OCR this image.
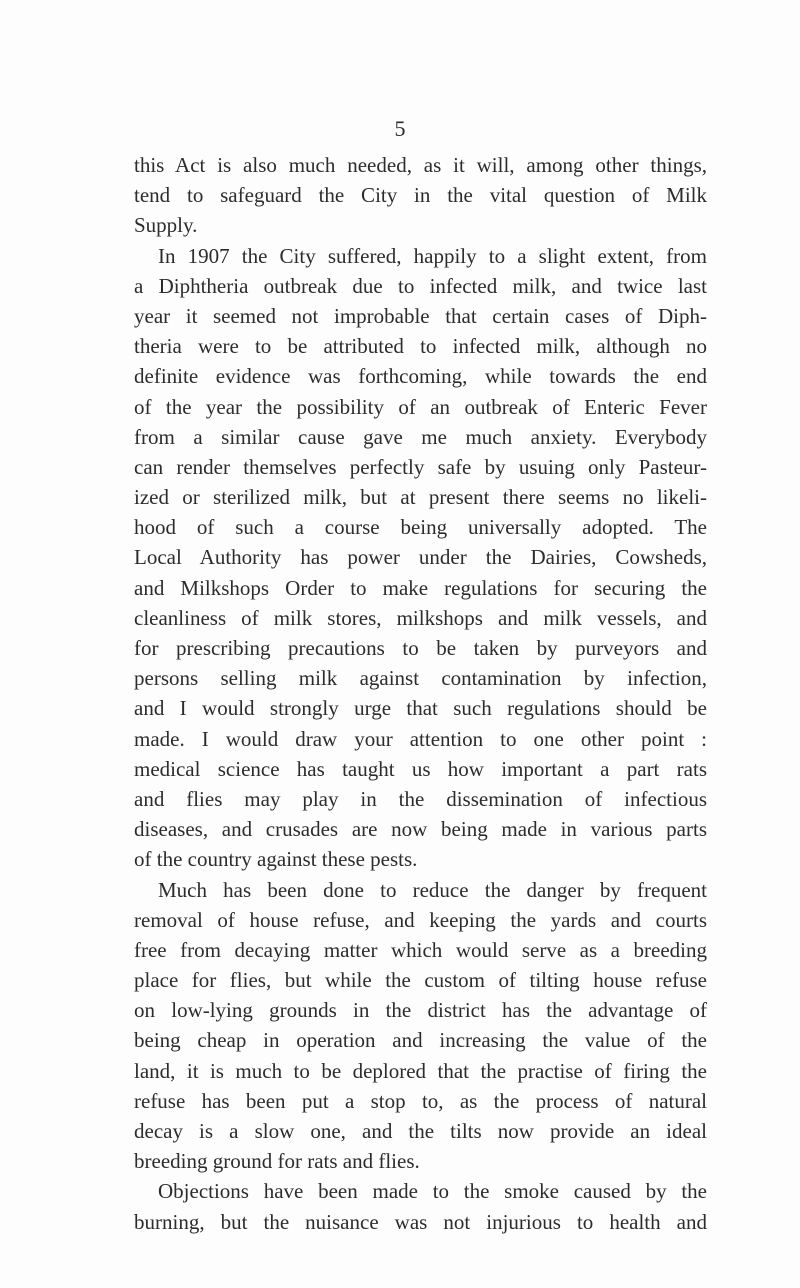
5
this Act is also much needed, as it will, among other things,
tend to safeguard the City in the vital question of Milk
Supply.
In 1907 the City suffered, happily to a slight extent, from
a Diphtheria outbreak due to infected milk, and twice last
year it seemed not improbable that certain cases of Diph-
theria were to be attributed to infected milk, although no
definite evidence was forthcoming, while towards the end
of the year the possibility of an outbreak of Enteric Fever
from a similar cause gave me much anxiety. Everybody
can render themselves perfectly safe by usuing only Pasteur-
ized or sterilized milk, but at present there seems no likeli-
hood of such a course being universally adopted. The
Local Authority has power under the Dairies, Cowsheds,
and Milkshops Order to make regulations for securing the
cleanliness of milk stores, milkshops and milk vessels, and
for prescribing precautions to be taken by purveyors and
persons selling milk against contamination by infection,
and I would strongly urge that such regulations should be
made. I would draw your attention to one other point :
medical science has taught us how important a part rats
and flies may play in the dissemination of infectious
diseases, and crusades are now being made in various parts
of the country against these pests.
Much has been done to reduce the danger by frequent
removal of house refuse, and keeping the yards and courts
free from decaying matter which would serve as a breeding
place for flies, but while the custom of tilting house refuse
on low-lying grounds in the district has the advantage of
being cheap in operation and increasing the value of the
land, it is much to be deplored that the practise of firing the
refuse has been put a stop to, as the process of natural
decay is a slow one, and the tilts now provide an ideal
breeding ground for rats and flies.
Objections have been made to the smoke caused by the
burning, but the nuisance was not injurious to health and
